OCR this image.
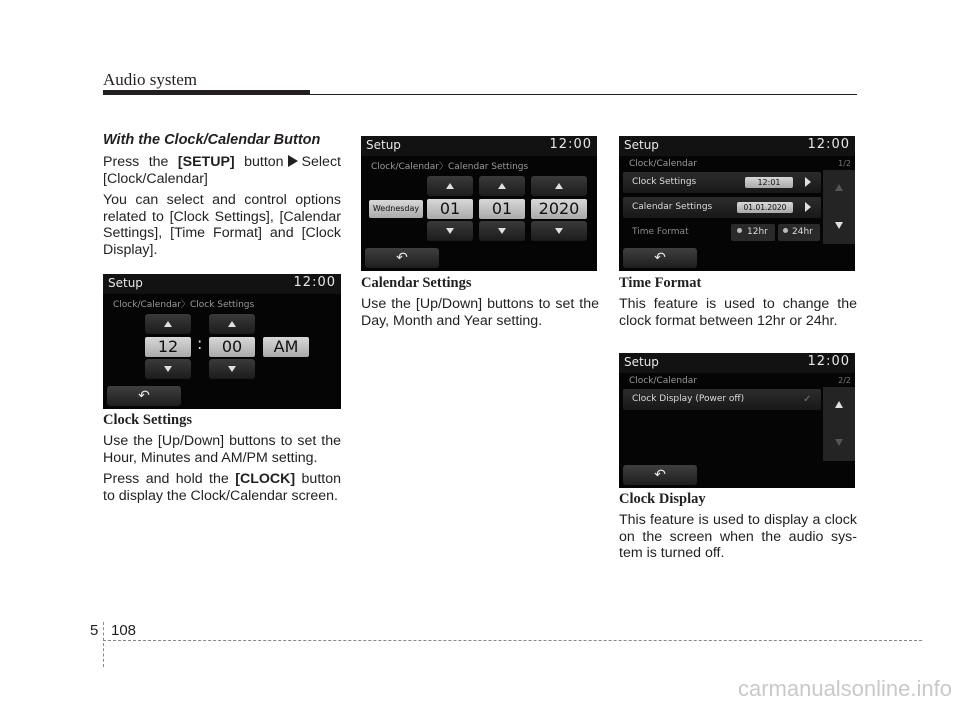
Audio system

With the Clock/Calendar Button

Press the [SETUP] button Select [Clock/Calendar]

You can select and control options related to [Clock Settings], [Calendar Settings], [Time Format] and [Clock Display].

Setup	12:00
Clock/Calendar〉Clock Settings
12	:	00	AM
↶

Clock Settings

Use the [Up/Down] buttons to set the Hour, Minutes and AM/PM setting.

Press and hold the [CLOCK] button to display the Clock/Calendar screen.

Setup	12:00
Clock/Calendar〉Calendar Settings
Wednesday	01	01	2020
↶

Calendar Settings

Use the [Up/Down] buttons to set the Day, Month and Year setting.

Setup	12:00
Clock/Calendar	1/2
Clock Settings	12:01
Calendar Settings	01.01.2020
Time Format	12hr	24hr
↶

Time Format

This feature is used to change the clock format between 12hr or 24hr.

Setup	12:00
Clock/Calendar	2/2
Clock Display (Power off)	✓
↶

Clock Display

This feature is used to display a clock on the screen when the audio sys-tem is turned off.

5 108
carmanualsonline.info
